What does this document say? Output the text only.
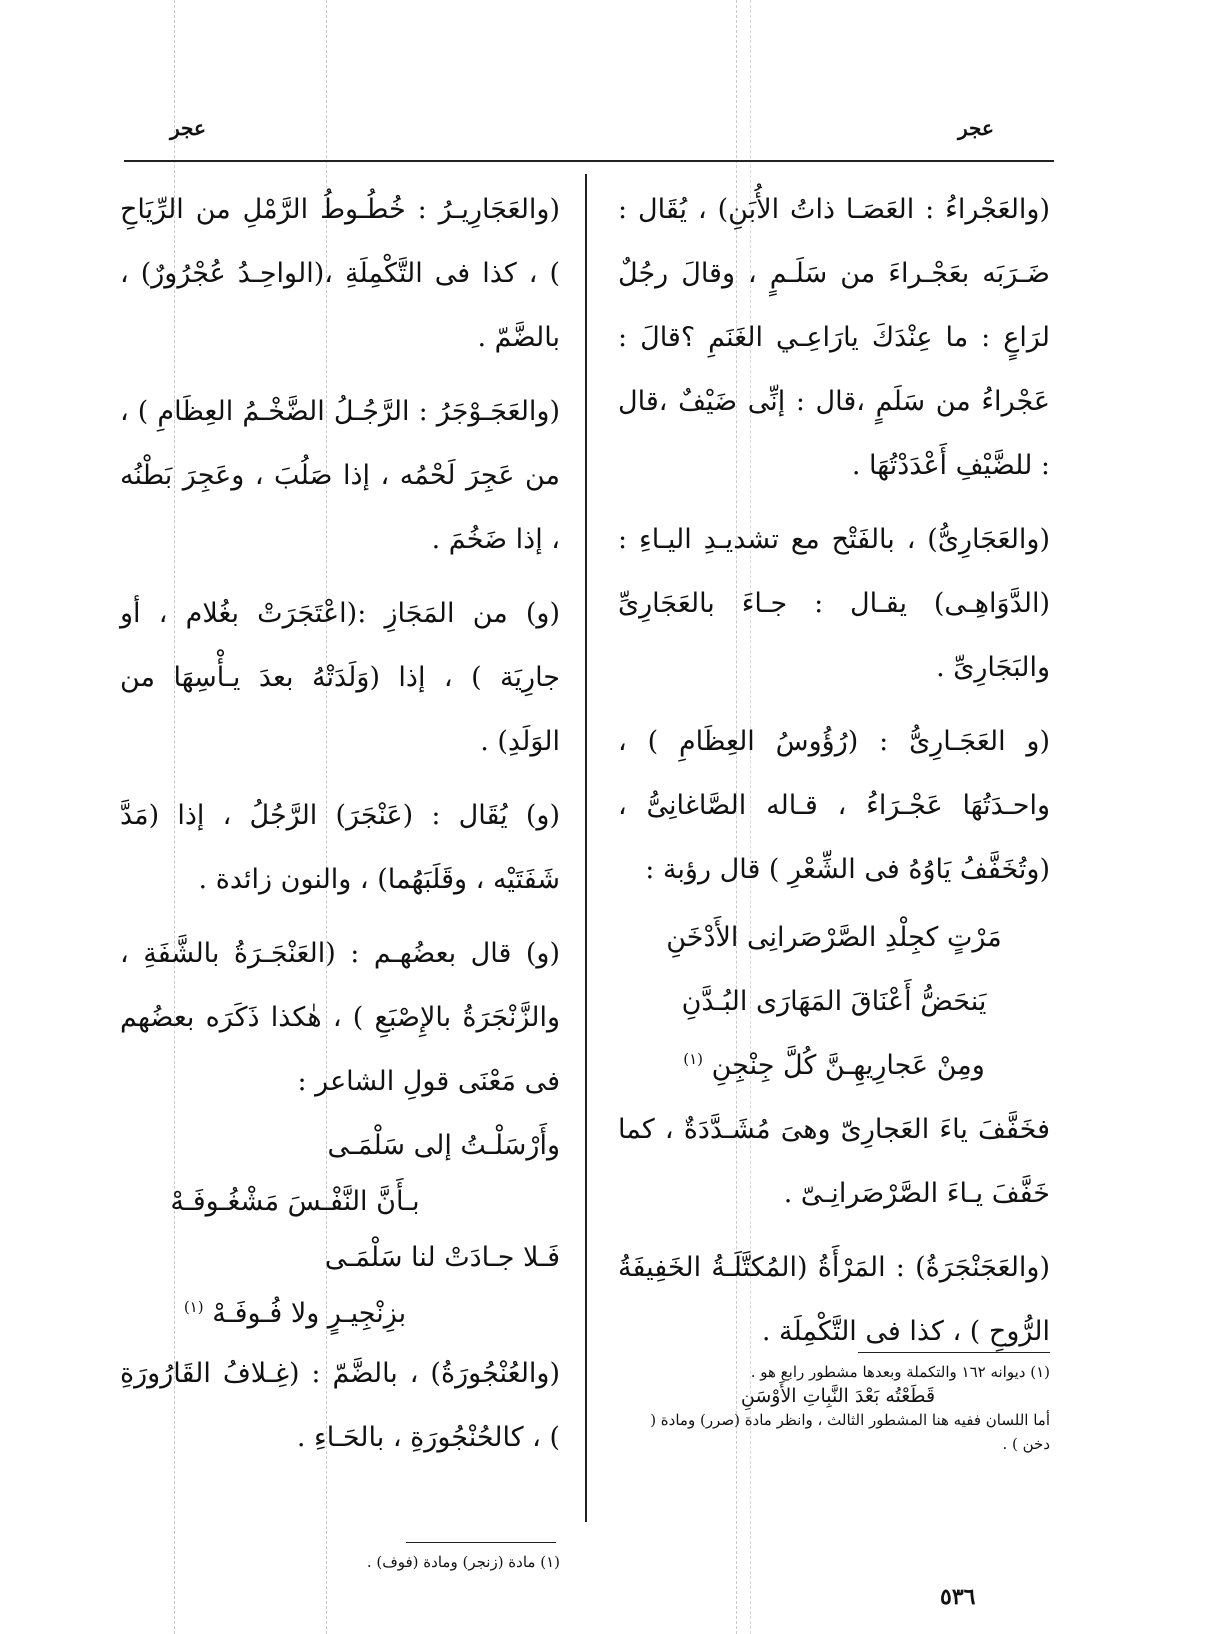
عجر
عجر

(والعَجْراءُ : العَصَـا ذاتُ الأُبَنِ) ، يُقَال : ضَـرَبَه بعَجْـراءَ من سَلَـمٍ ، وقالَ رجُلٌ لرَاعٍ : ما عِنْدَكَ يارَاعِـي الغَنَمِ ؟قالَ : عَجْراءُ من سَلَمٍ ،قال : إنِّى ضَيْفٌ ،قال : للضَّيْفِ أَعْدَدْتُهَا .

(والعَجَارِىُّ) ، بالفَتْح مع تشديـدِ اليـاءِ : (الدَّوَاهِـى) يقـال : جـاءَ بالعَجَارِىِّ والبَجَارِىِّ .

(و العَجَـارِىُّ : (رُؤُوسُ العِظَامِ ) ، واحـدَتُهَا عَجْـرَاءُ ، قـاله الصَّاغانِىُّ ، (وتُخَفَّفُ يَاوُهُ فى الشِّعْرِ ) قال رؤبة :

مَرْتٍ كجِلْدِ الصَّرْصَرانِى الأَدْخَنِ
يَنحَضُّ أَعْنَاقَ المَهَارَى البُـدَّنِ
ومِنْ عَجارِيهِـنَّ كُلَّ جِنْجِنِ $^{(١)}$

فخَفَّفَ ياءَ العَجارِىّ وهىَ مُشَـدَّدَةٌ ، كما خَفَّفَ يـاءَ الصَّرْصَرانِـىّ .

(والعَجَنْجَرَةُ) : المَرْأَةُ (المُكتَّلَـةُ الخَفِيفَةُ الرُّوحِ ) ، كذا فى التَّكْمِلَة .

(والعَجَارِيـرُ : خُطُـوطُ الرَّمْلِ من الرِّيَاحِ ) ، كذا فى التَّكْمِلَةِ ،(الواحِـدُ عُجْرُورٌ) ، بالضَّمّ .

(والعَجَـوْجَرُ : الرَّجُـلُ الضَّخْـمُ العِظَامِ ) ، من عَجِرَ لَحْمُه ، إذا صَلُبَ ، وعَجِرَ بَطْنُه ، إذا ضَخُمَ .

(و) من المَجَازِ :(اعْتَجَرَتْ بغُلام ، أو جارِيَة ) ، إذا (وَلَدَتْهُ بعدَ يـأْسِهَا من الوَلَدِ) .

(و) يُقَال : (عَنْجَرَ) الرَّجُلُ ، إذا (مَدَّ شَفَتَيْه ، وقَلَبَهُما) ، والنون زائدة .

(و) قال بعضُهـم : (العَنْجَـرَةُ بالشَّفَةِ ، والزَّنْجَرَةُ بالإِصْبَعِ ) ، هٰكذا ذَكَرَه بعضُهم فى مَعْنَى قولِ الشاعر :

وأَرْسَلْـتُ إلى سَلْمَـى
بـأَنَّ النَّفْـسَ مَشْغُـوفَـهْ
فَـلا جـادَتْ لنا سَلْمَـى
بزِنْجِيـرٍ ولا فُـوفَـهْ $^{(١)}$

(والعُنْجُورَةُ) ، بالضَّمّ : (غِـلافُ القَارُورَةِ ) ، كالحُنْجُورَةِ ، بالحَـاءِ .

(١) ديوانه ١٦٢ والتكملة وبعدها مشطور رابع هو .
قَطَعْتُه بَعْدَ النَّبِاتِ الأَوْسَنِ
أما اللسان ففيه هنا المشطور الثالث ، وانظر مادة (صرر) ومادة ( دخن ) .
(١) مادة (زنجر) ومادة (فوف) .
٥٣٦
